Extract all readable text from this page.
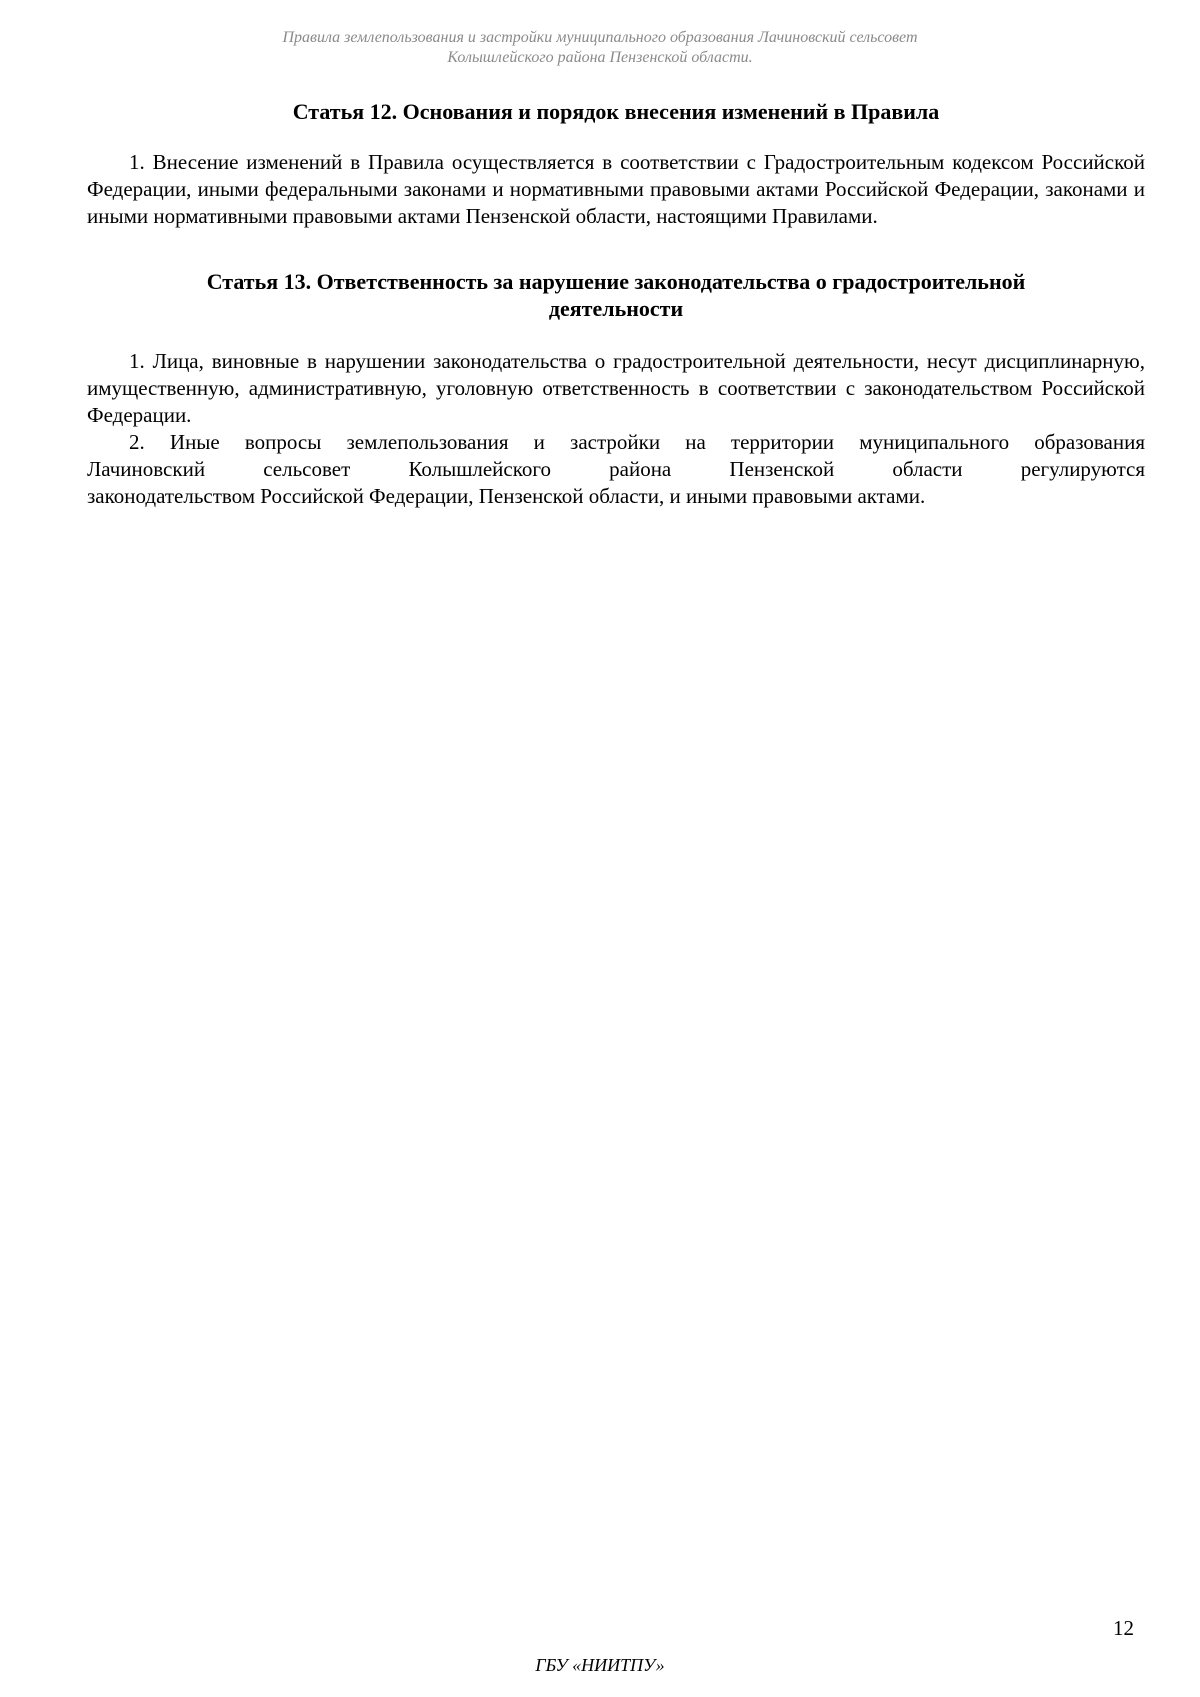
Правила землепользования и застройки муниципального образования Лачиновский сельсовет
Колышлейского района Пензенской области.
Статья 12. Основания и порядок внесения изменений в Правила

1. Внесение изменений в Правила осуществляется в соответствии с Градостроительным кодексом Российской Федерации, иными федеральными законами и нормативными правовыми актами Российской Федерации, законами и иными нормативными правовыми актами Пензенской области, настоящими Правилами.

Статья 13. Ответственность за нарушение законодательства о градостроительной
деятельности

1. Лица, виновные в нарушении законодательства о градостроительной деятельности, несут дисциплинарную, имущественную, административную, уголовную ответственность в соответствии с законодательством Российской Федерации.

2. Иные вопросы землепользования и застройки на территории муниципального образования

Лачиновский сельсовет Колышлейского района Пензенской области регулируются

законодательством Российской Федерации, Пензенской области, и иными правовыми актами.

12
ГБУ «НИИТПУ»
